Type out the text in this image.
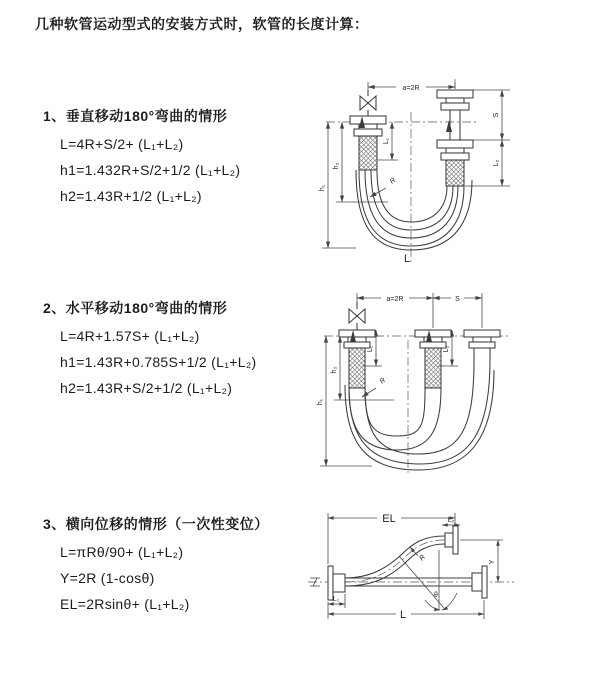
几种软管运动型式的安装方式时，软管的长度计算：
1、垂直移动180°弯曲的情形

L=4R+S/2+ (L₁+L₂)

h1=1.432R+S/2+1/2 (L₁+L₂)

h2=1.43R+1/2 (L₁+L₂)

a=2R
h₁
h₂
L₁
S
L₂
R
L
2、水平移动180°弯曲的情形

L=4R+1.57S+ (L₁+L₂)

h1=1.43R+0.785S+1/2 (L₁+L₂)

h2=1.43R+S/2+1/2 (L₁+L₂)

a=2R	S
h₁
h₂
L₁	L₂
R
3、横向位移的情形（一次性变位）

L=πRθ/90+ (L₁+L₂)

Y=2R (1-cosθ)

EL=2Rsinθ+ (L₁+L₂)

EL	L₂
Y
R
θ
L
L₁
